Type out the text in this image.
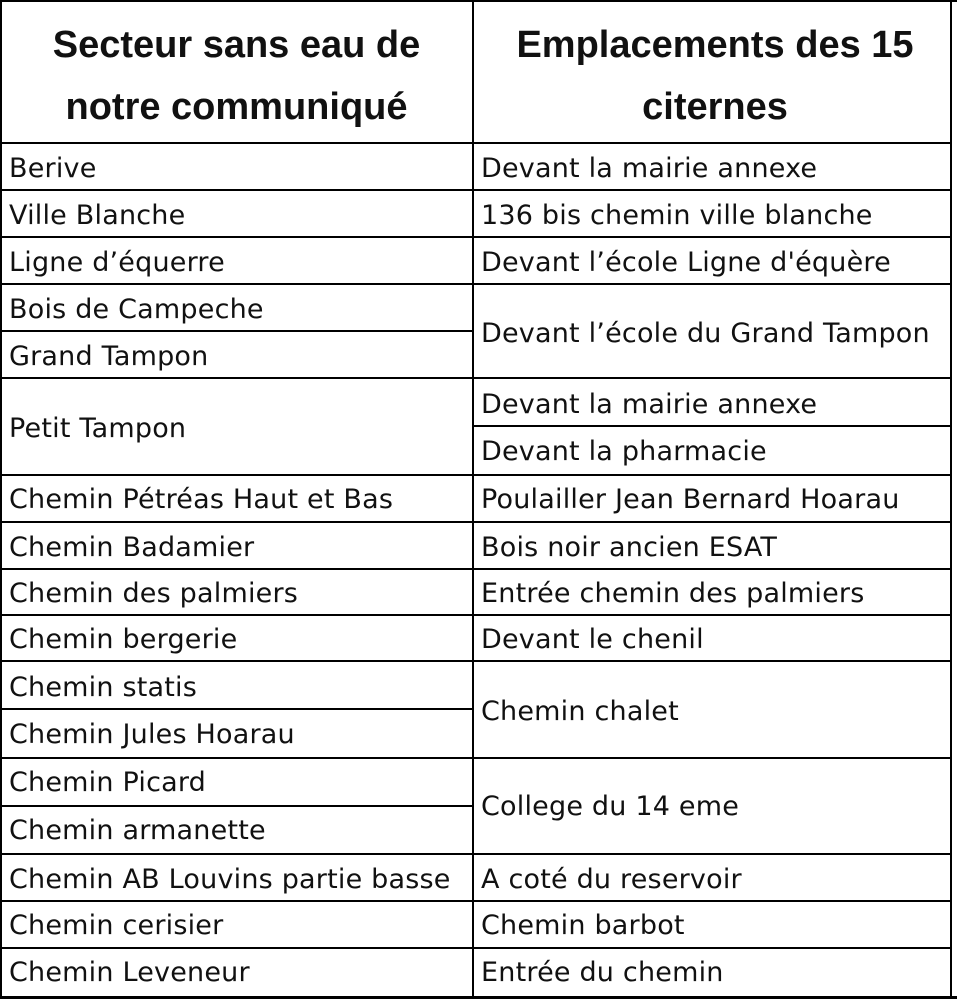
Secteur sans eau de
notre communiqué
Emplacements des 15
citernes
Berive
Ville Blanche
Ligne d’équerre
Bois de Campeche
Grand Tampon
Petit Tampon
Chemin Pétréas Haut et Bas
Chemin Badamier
Chemin des palmiers
Chemin bergerie
Chemin statis
Chemin Jules Hoarau
Chemin Picard
Chemin armanette
Chemin AB Louvins partie basse
Chemin cerisier
Chemin Leveneur
Devant la mairie annexe
136 bis chemin ville blanche
Devant l’école Ligne d'équère
Devant l’école du Grand Tampon
Devant la mairie annexe
Devant la pharmacie
Poulailler Jean Bernard Hoarau
Bois noir ancien ESAT
Entrée chemin des palmiers
Devant le chenil
Chemin chalet
College du 14 eme
A coté du reservoir
Chemin barbot
Entrée du chemin
